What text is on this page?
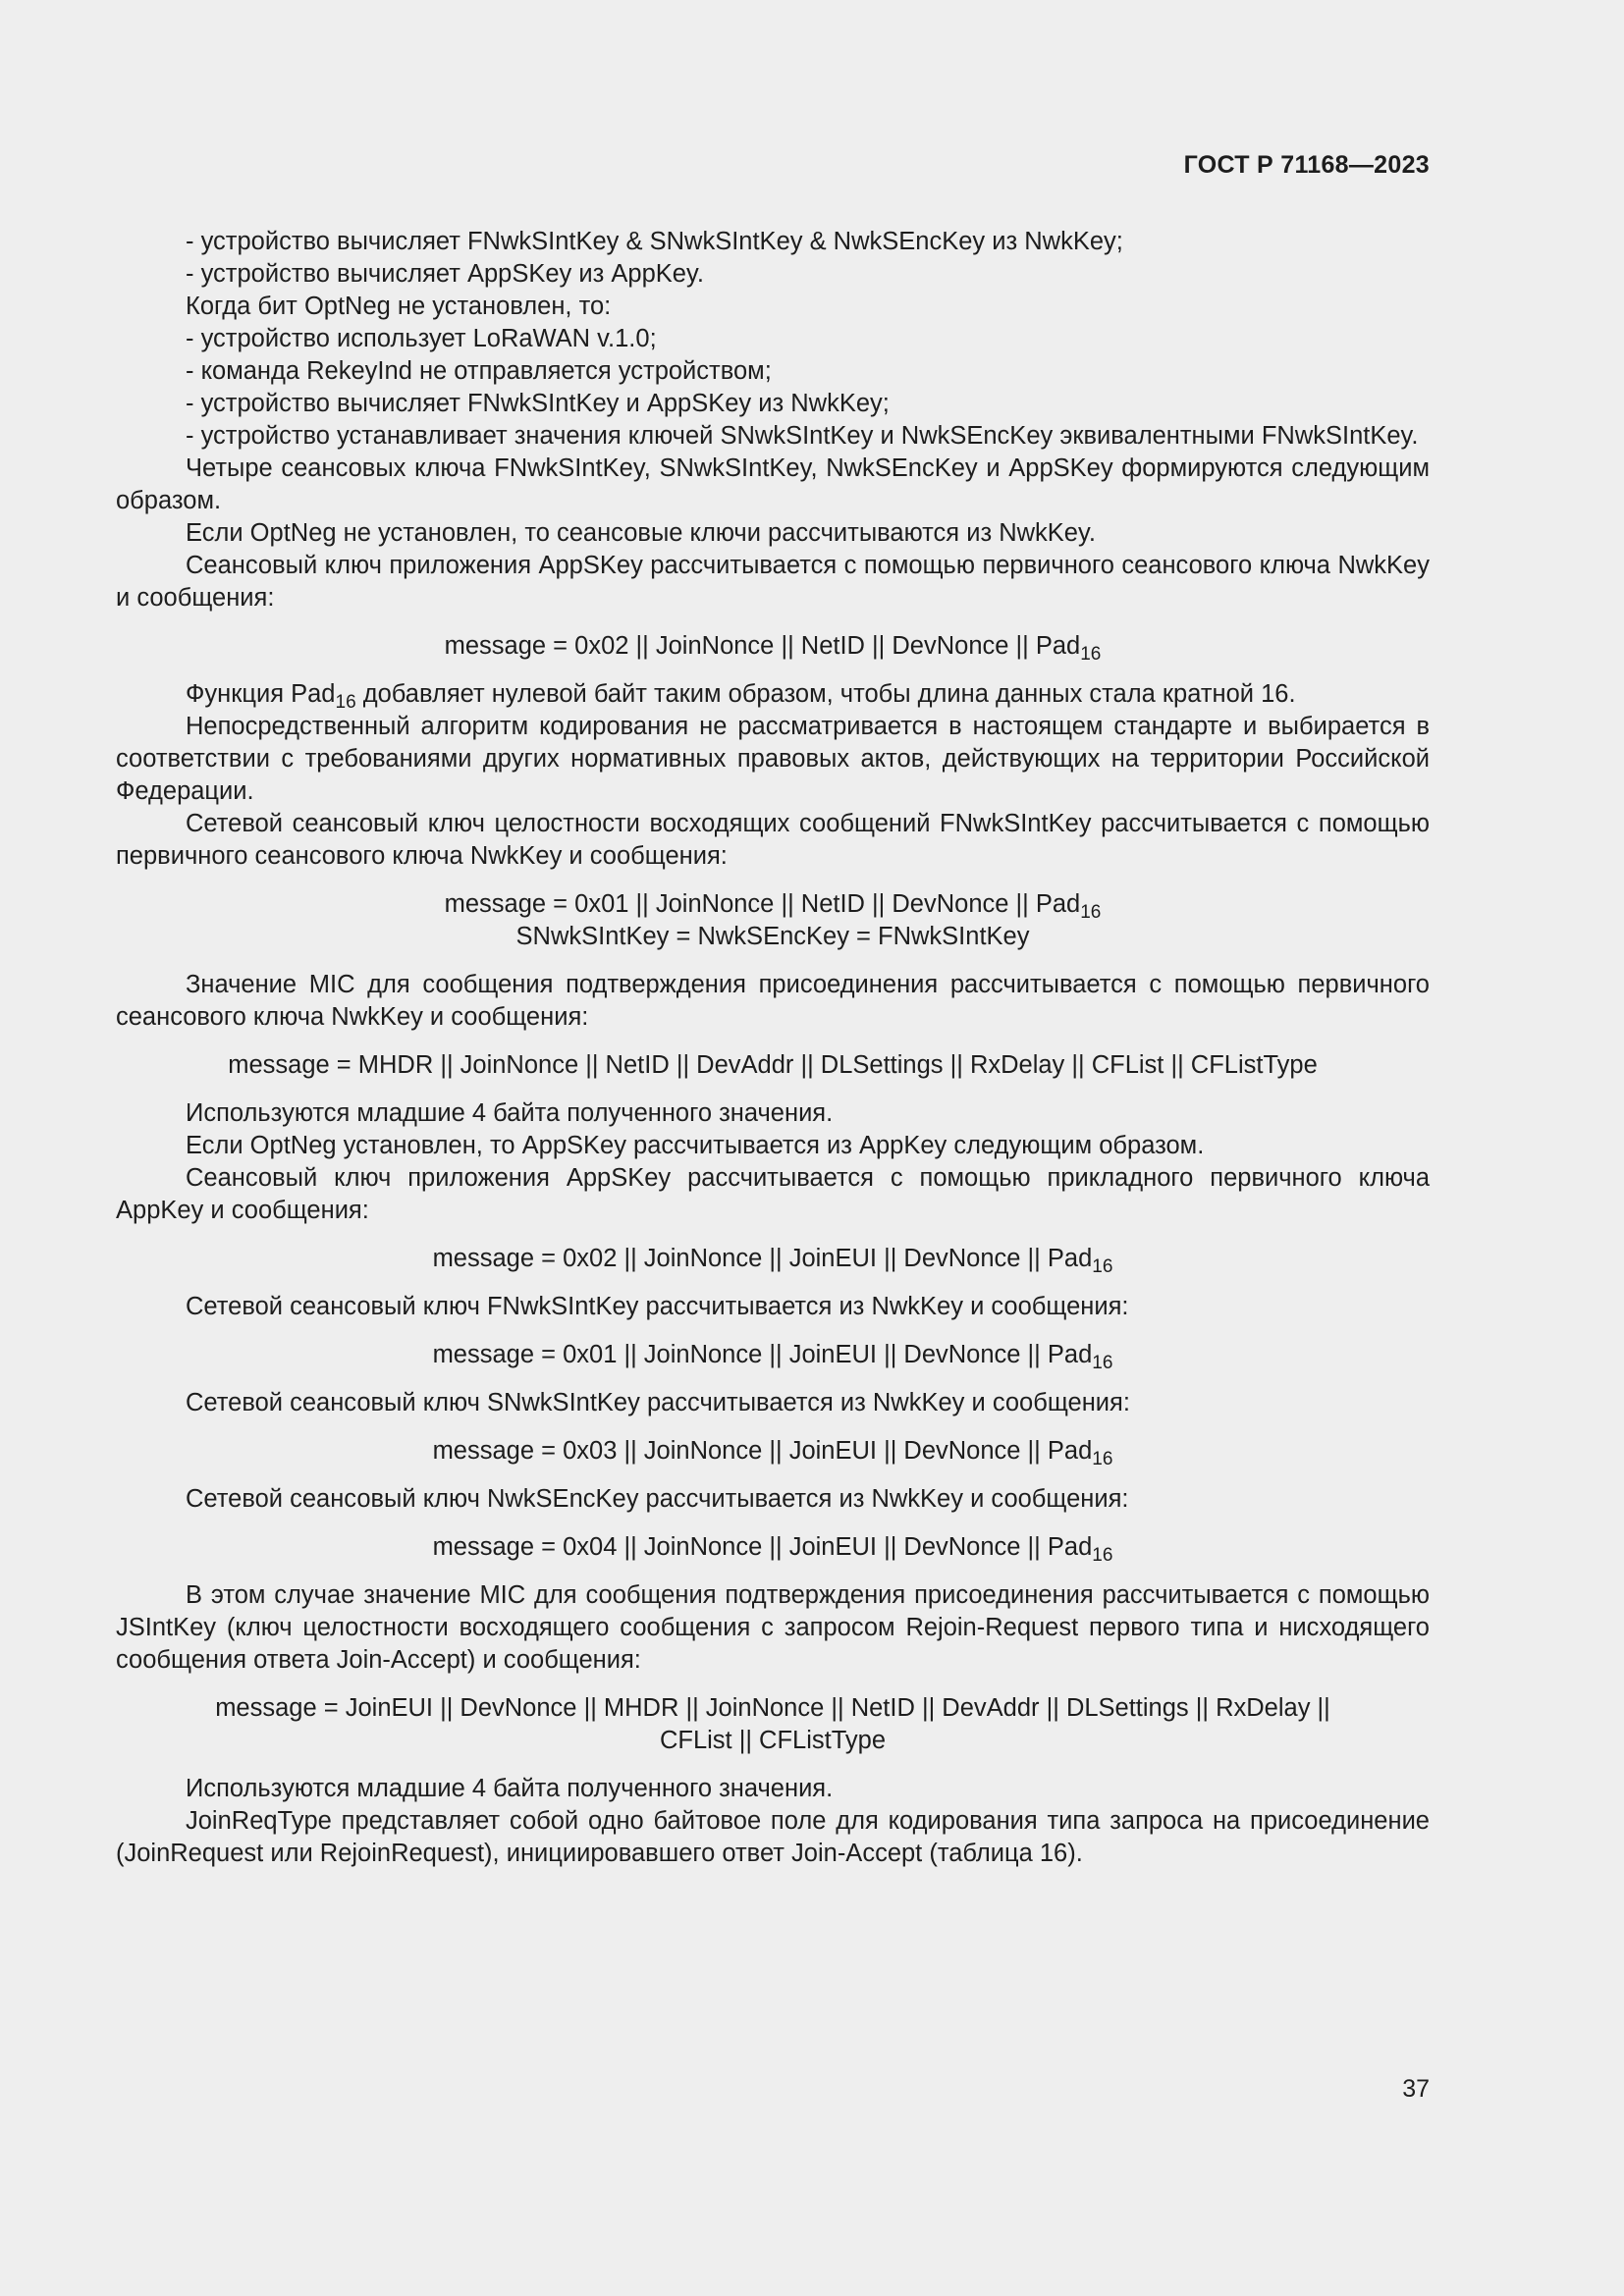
ГОСТ Р 71168—2023

- устройство вычисляет FNwkSIntKey & SNwkSIntKey & NwkSEncKey из NwkKey;

- устройство вычисляет AppSKey из AppKey.

Когда бит OptNeg не установлен, то:

- устройство использует LoRaWAN v.1.0;

- команда RekeyInd не отправляется устройством;

- устройство вычисляет FNwkSIntKey и AppSKey из NwkKey;

- устройство устанавливает значения ключей SNwkSIntKey и NwkSEncKey эквивалентными FNwkSIntKey.

Четыре сеансовых ключа FNwkSIntKey, SNwkSIntKey, NwkSEncKey и AppSKey формируются следующим образом.

Если OptNeg не установлен, то сеансовые ключи рассчитываются из NwkKey.

Сеансовый ключ приложения AppSKey рассчитывается с помощью первичного сеансового ключа NwkKey и сообщения:

message = 0x02 || JoinNonce || NetID || DevNonce || Pad$_{16}$

Функция Pad$_{16}$ добавляет нулевой байт таким образом, чтобы длина данных стала кратной 16.

Непосредственный алгоритм кодирования не рассматривается в настоящем стандарте и выбирается в соответствии с требованиями других нормативных правовых актов, действующих на территории Российской Федерации.

Сетевой сеансовый ключ целостности восходящих сообщений FNwkSIntKey рассчитывается с помощью первичного сеансового ключа NwkKey и сообщения:

message = 0x01 || JoinNonce || NetID || DevNonce || Pad$_{16}$

SNwkSIntKey = NwkSEncKey = FNwkSIntKey

Значение MIC для сообщения подтверждения присоединения рассчитывается с помощью первичного сеансового ключа NwkKey и сообщения:

message = MHDR || JoinNonce || NetID || DevAddr || DLSettings || RxDelay || CFList || CFListType

Используются младшие 4 байта полученного значения.

Если OptNeg установлен, то AppSKey рассчитывается из AppKey следующим образом.

Сеансовый ключ приложения AppSKey рассчитывается с помощью прикладного первичного ключа AppKey и сообщения:

message = 0x02 || JoinNonce || JoinEUI || DevNonce || Pad$_{16}$

Сетевой сеансовый ключ FNwkSIntKey рассчитывается из NwkKey и сообщения:

message = 0x01 || JoinNonce || JoinEUI || DevNonce || Pad$_{16}$

Сетевой сеансовый ключ SNwkSIntKey рассчитывается из NwkKey и сообщения:

message = 0x03 || JoinNonce || JoinEUI || DevNonce || Pad$_{16}$

Сетевой сеансовый ключ NwkSEncKey рассчитывается из NwkKey и сообщения:

message = 0x04 || JoinNonce || JoinEUI || DevNonce || Pad$_{16}$

В этом случае значение MIC для сообщения подтверждения присоединения рассчитывается с помощью JSIntKey (ключ целостности восходящего сообщения с запросом Rejoin-Request первого типа и нисходящего сообщения ответа Join-Accept) и сообщения:

message = JoinEUI || DevNonce || MHDR || JoinNonce || NetID || DevAddr || DLSettings || RxDelay ||

CFList || CFListType

Используются младшие 4 байта полученного значения.

JoinReqType представляет собой одно байтовое поле для кодирования типа запроса на присоединение (JoinRequest или RejoinRequest), инициировавшего ответ Join-Accept (таблица 16).

37
